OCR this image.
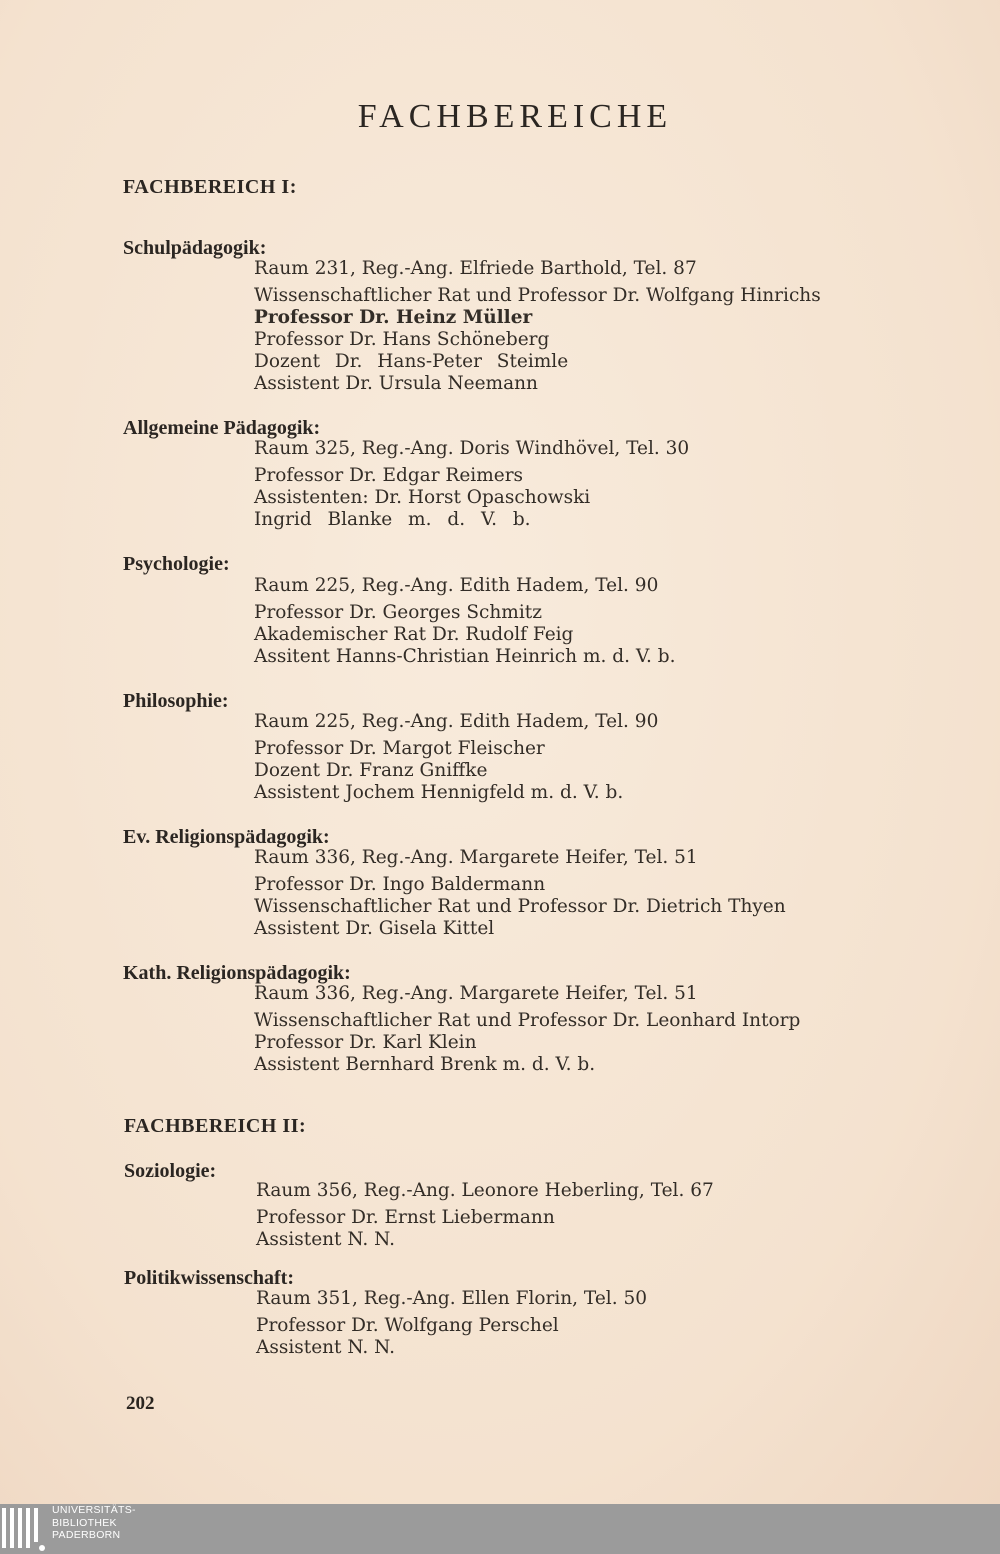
FACHBEREICHE
FACHBEREICH I:
Schulpädagogik:
Raum 231, Reg.-Ang. Elfriede Barthold, Tel. 87
Wissenschaftlicher Rat und Professor Dr. Wolfgang Hinrichs
Professor Dr. Heinz Müller
Professor Dr. Hans Schöneberg
Dozent Dr. Hans-Peter Steimle
Assistent Dr. Ursula Neemann
Allgemeine Pädagogik:
Raum 325, Reg.-Ang. Doris Windhövel, Tel. 30
Professor Dr. Edgar Reimers
Assistenten: Dr. Horst Opaschowski
Ingrid Blanke m. d. V. b.
Psychologie:
Raum 225, Reg.-Ang. Edith Hadem, Tel. 90
Professor Dr. Georges Schmitz
Akademischer Rat Dr. Rudolf Feig
Assitent Hanns-Christian Heinrich m. d. V. b.
Philosophie:
Raum 225, Reg.-Ang. Edith Hadem, Tel. 90
Professor Dr. Margot Fleischer
Dozent Dr. Franz Gniffke
Assistent Jochem Hennigfeld m. d. V. b.
Ev. Religionspädagogik:
Raum 336, Reg.-Ang. Margarete Heifer, Tel. 51
Professor Dr. Ingo Baldermann
Wissenschaftlicher Rat und Professor Dr. Dietrich Thyen
Assistent Dr. Gisela Kittel
Kath. Religionspädagogik:
Raum 336, Reg.-Ang. Margarete Heifer, Tel. 51
Wissenschaftlicher Rat und Professor Dr. Leonhard Intorp
Professor Dr. Karl Klein
Assistent Bernhard Brenk m. d. V. b.
FACHBEREICH II:
Soziologie:
Raum 356, Reg.-Ang. Leonore Heberling, Tel. 67
Professor Dr. Ernst Liebermann
Assistent N. N.
Politikwissenschaft:
Raum 351, Reg.-Ang. Ellen Florin, Tel. 50
Professor Dr. Wolfgang Perschel
Assistent N. N.
202
UNIVERSITÄTS-
BIBLIOTHEK
PADERBORN
